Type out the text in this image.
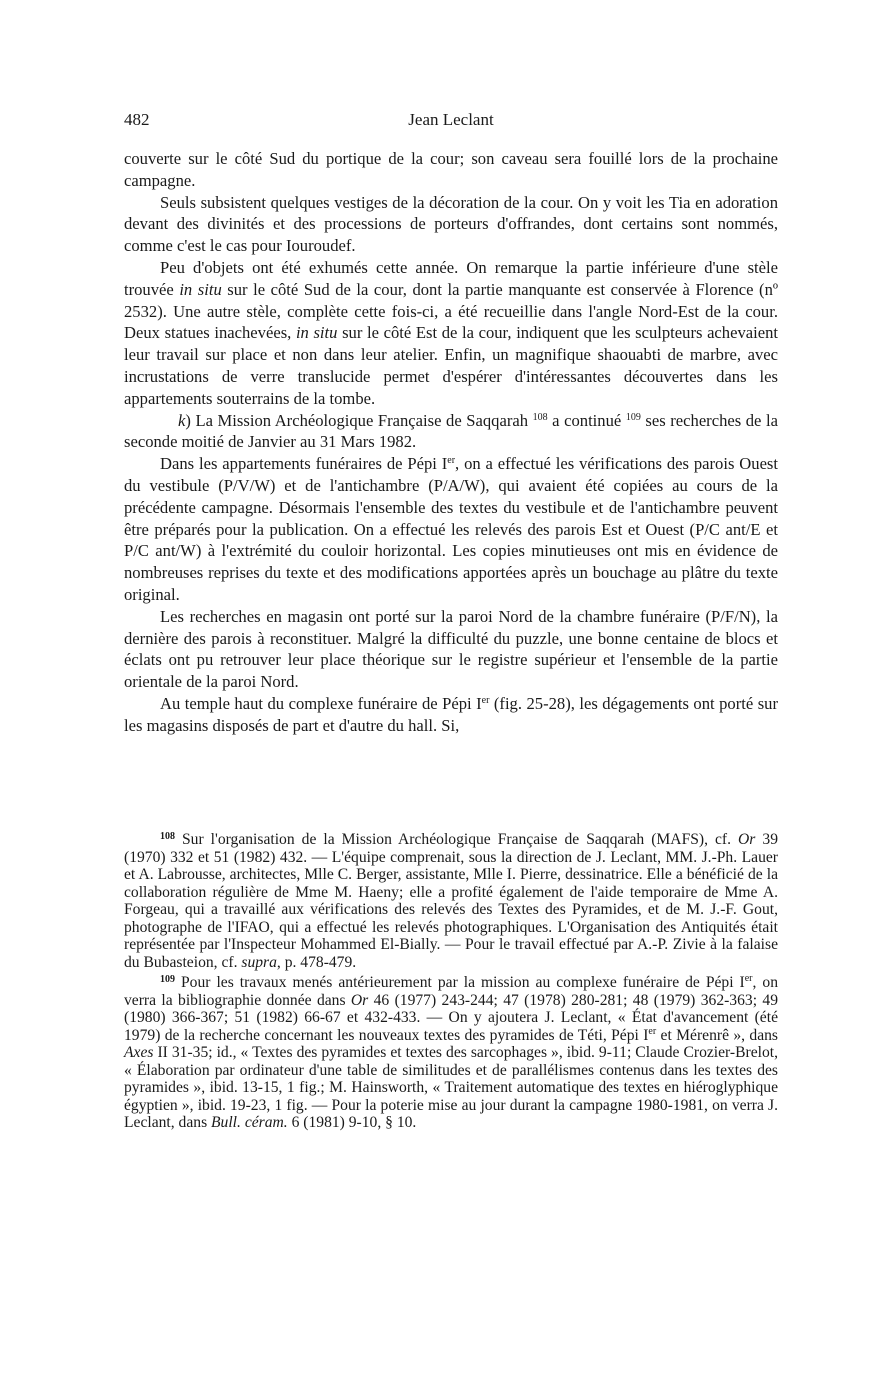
482	Jean Leclant

couverte sur le côté Sud du portique de la cour; son caveau sera fouillé lors de la prochaine campagne.

Seuls subsistent quelques vestiges de la décoration de la cour. On y voit les Tia en adoration devant des divinités et des processions de porteurs d'offrandes, dont certains sont nommés, comme c'est le cas pour Iouroudef.

Peu d'objets ont été exhumés cette année. On remarque la partie inférieure d'une stèle trouvée in situ sur le côté Sud de la cour, dont la partie manquante est conservée à Florence (nº 2532). Une autre stèle, complète cette fois-ci, a été recueillie dans l'angle Nord-Est de la cour. Deux statues inachevées, in situ sur le côté Est de la cour, indiquent que les sculpteurs achevaient leur travail sur place et non dans leur atelier. Enfin, un magnifique shaouabti de marbre, avec incrustations de verre translucide permet d'espérer d'intéressantes découvertes dans les appartements souterrains de la tombe.

k) La Mission Archéologique Française de Saqqarah $^{108}$ a continué $^{109}$ ses recherches de la seconde moitié de Janvier au 31 Mars 1982.

Dans les appartements funéraires de Pépi Ier, on a effectué les vérifications des parois Ouest du vestibule (P/V/W) et de l'antichambre (P/A/W), qui avaient été copiées au cours de la précédente campagne. Désormais l'ensemble des textes du vestibule et de l'antichambre peuvent être préparés pour la publication. On a effectué les relevés des parois Est et Ouest (P/C ant/E et P/C ant/W) à l'extrémité du couloir horizontal. Les copies minutieuses ont mis en évidence de nombreuses reprises du texte et des modifications apportées après un bouchage au plâtre du texte original.

Les recherches en magasin ont porté sur la paroi Nord de la chambre funéraire (P/F/N), la dernière des parois à reconstituer. Malgré la difficulté du puzzle, une bonne centaine de blocs et éclats ont pu retrouver leur place théorique sur le registre supérieur et l'ensemble de la partie orientale de la paroi Nord.

Au temple haut du complexe funéraire de Pépi Ier (fig. 25-28), les dégagements ont porté sur les magasins disposés de part et d'autre du hall. Si,

$^{108}$ Sur l'organisation de la Mission Archéologique Française de Saqqarah (MAFS), cf. Or 39 (1970) 332 et 51 (1982) 432. — L'équipe comprenait, sous la direction de J. Leclant, MM. J.-Ph. Lauer et A. Labrousse, architectes, Mlle C. Berger, assistante, Mlle I. Pierre, dessinatrice. Elle a bénéficié de la collaboration régulière de Mme M. Haeny; elle a profité également de l'aide temporaire de Mme A. Forgeau, qui a travaillé aux vérifications des relevés des Textes des Pyramides, et de M. J.-F. Gout, photographe de l'IFAO, qui a effectué les relevés photographiques. L'Organisation des Antiquités était représentée par l'Inspecteur Mohammed El-Bially. — Pour le travail effectué par A.-P. Zivie à la falaise du Bubasteion, cf. supra, p. 478-479.

$^{109}$ Pour les travaux menés antérieurement par la mission au complexe funéraire de Pépi Ier, on verra la bibliographie donnée dans Or 46 (1977) 243-244; 47 (1978) 280-281; 48 (1979) 362-363; 49 (1980) 366-367; 51 (1982) 66-67 et 432-433. — On y ajoutera J. Leclant, « État d'avancement (été 1979) de la recherche concernant les nouveaux textes des pyramides de Téti, Pépi Ier et Mérenrê », dans Axes II 31-35; id., « Textes des pyramides et textes des sarcophages », ibid. 9-11; Claude Crozier-Brelot, « Élaboration par ordinateur d'une table de similitudes et de parallélismes contenus dans les textes des pyramides », ibid. 13-15, 1 fig.; M. Hainsworth, « Traitement automatique des textes en hiéroglyphique égyptien », ibid. 19-23, 1 fig. — Pour la poterie mise au jour durant la campagne 1980-1981, on verra J. Leclant, dans Bull. céram. 6 (1981) 9-10, § 10.
